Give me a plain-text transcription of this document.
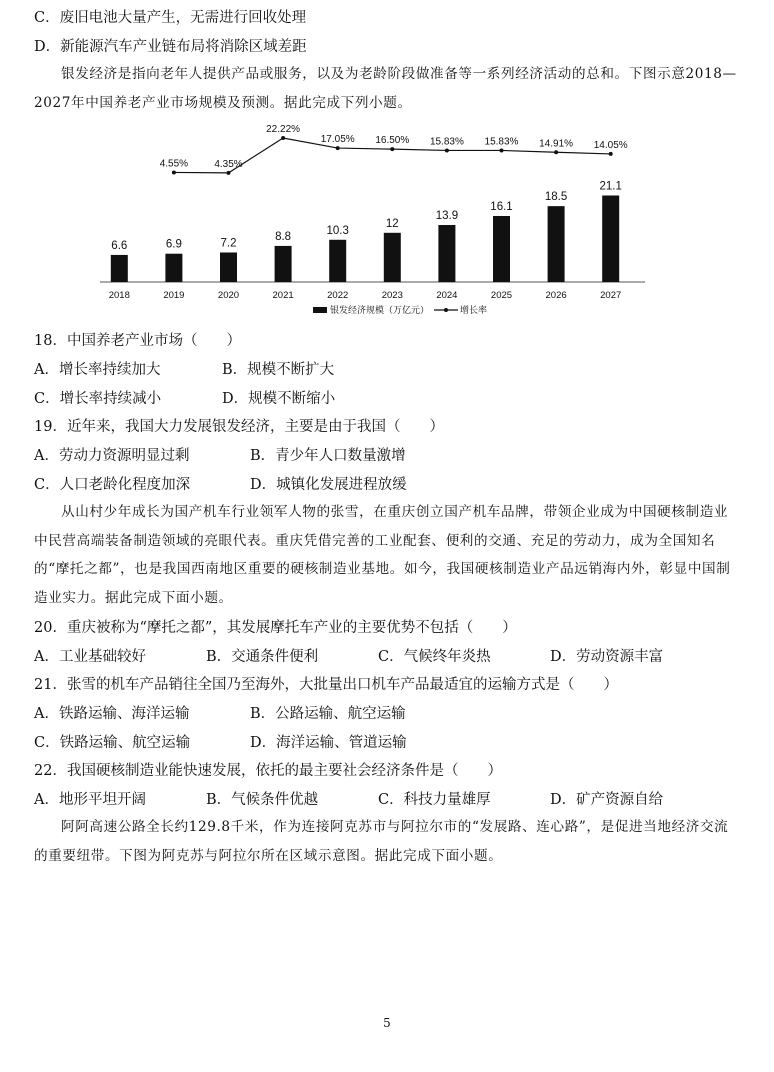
C．废旧电池大量产生，无需进行回收处理
D．新能源汽车产业链布局将消除区域差距
银发经济是指向老年人提供产品或服务，以及为老龄阶段做准备等一系列经济活动的总和。下图示意2018—2027年中国养老产业市场规模及预测。据此完成下列小题。
6.6
2018
6.9
2019
7.2
2020
8.8
2021
10.3
2022
12
2023
13.9
2024
16.1
2025
18.5
2026
21.1
2027
4.55%	4.35%
22.22%
17.05% 16.50% 15.83% 15.83% 14.91% 14.05%
银发经济规模（万亿元）	增长率
18．中国养老产业市场（　　）
A．增长率持续加大	B．规模不断扩大
C．增长率持续减小	D．规模不断缩小
19．近年来，我国大力发展银发经济，主要是由于我国（　　）
A．劳动力资源明显过剩	B．青少年人口数量激增
C．人口老龄化程度加深	D．城镇化发展进程放缓
从山村少年成长为国产机车行业领军人物的张雪，在重庆创立国产机车品牌，带领企业成为中国硬核制造业中民营高端装备制造领域的亮眼代表。重庆凭借完善的工业配套、便利的交通、充足的劳动力，成为全国知名的“摩托之都”，也是我国西南地区重要的硬核制造业基地。如今，我国硬核制造业产品远销海内外，彰显中国制造业实力。据此完成下面小题。
20．重庆被称为“摩托之都”，其发展摩托车产业的主要优势不包括（　　）
A．工业基础较好	B．交通条件便利	C．气候终年炎热	D．劳动资源丰富
21．张雪的机车产品销往全国乃至海外，大批量出口机车产品最适宜的运输方式是（　　）
A．铁路运输、海洋运输	B．公路运输、航空运输
C．铁路运输、航空运输	D．海洋运输、管道运输
22．我国硬核制造业能快速发展，依托的最主要社会经济条件是（　　）
A．地形平坦开阔	B．气候条件优越	C．科技力量雄厚	D．矿产资源自给
阿阿高速公路全长约129.8千米，作为连接阿克苏市与阿拉尔市的“发展路、连心路”，是促进当地经济交流的重要纽带。下图为阿克苏与阿拉尔所在区域示意图。据此完成下面小题。
5
